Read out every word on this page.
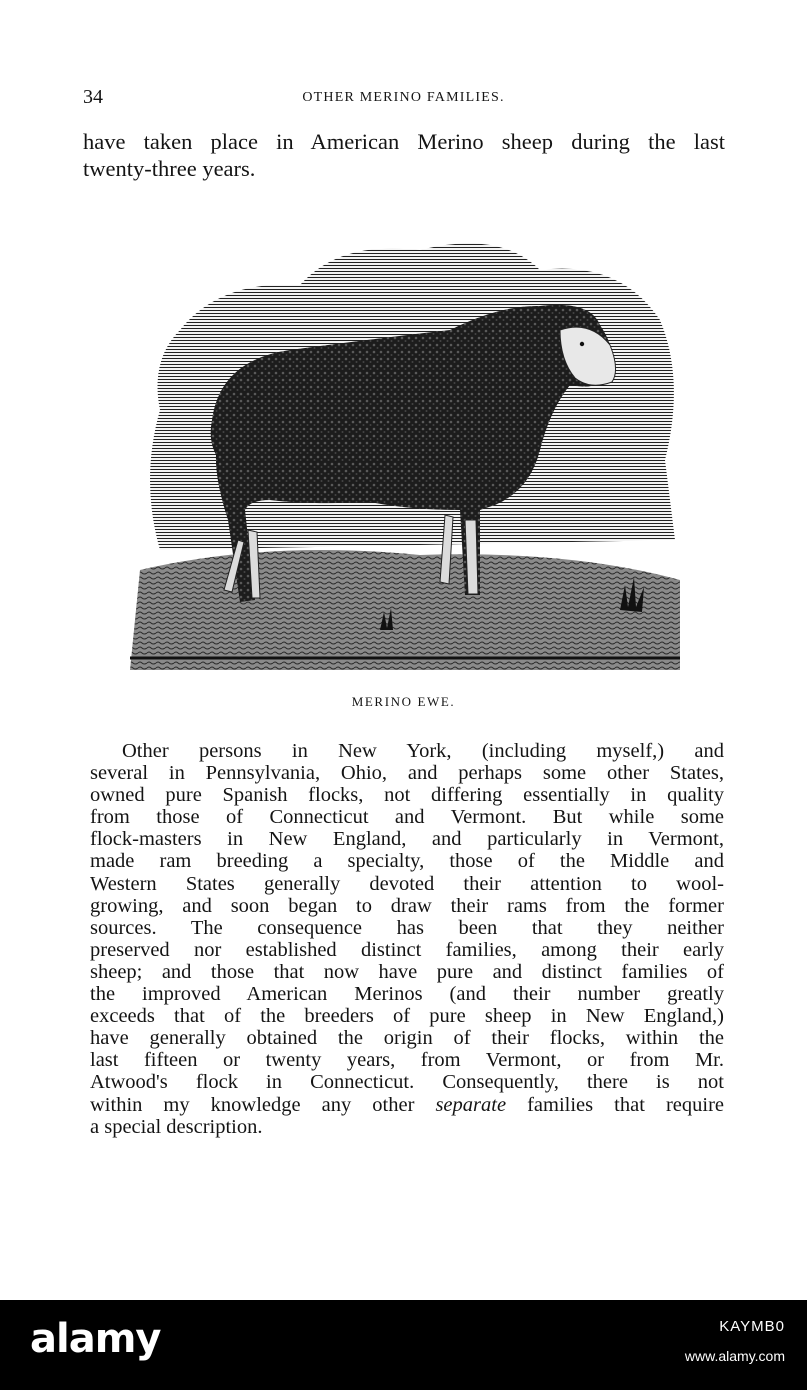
34	OTHER MERINO FAMILIES.

have taken place in American Merino sheep during the last
twenty-three years.

MERINO EWE.

Other persons in New York, (including myself,) and
several in Pennsylvania, Ohio, and perhaps some other States,
owned pure Spanish flocks, not differing essentially in quality
from those of Connecticut and Vermont. But while some
flock-masters in New England, and particularly in Vermont,
made ram breeding a specialty, those of the Middle and
Western States generally devoted their attention to wool-
growing, and soon began to draw their rams from the former
sources. The consequence has been that they neither
preserved nor established distinct families, among their early
sheep; and those that now have pure and distinct families of
the improved American Merinos (and their number greatly
exceeds that of the breeders of pure sheep in New England,)
have generally obtained the origin of their flocks, within the
last fifteen or twenty years, from Vermont, or from Mr.
Atwood's flock in Connecticut. Consequently, there is not
within my knowledge any other separate families that require
a special description.

alamy	KAYMB0
www.alamy.com
